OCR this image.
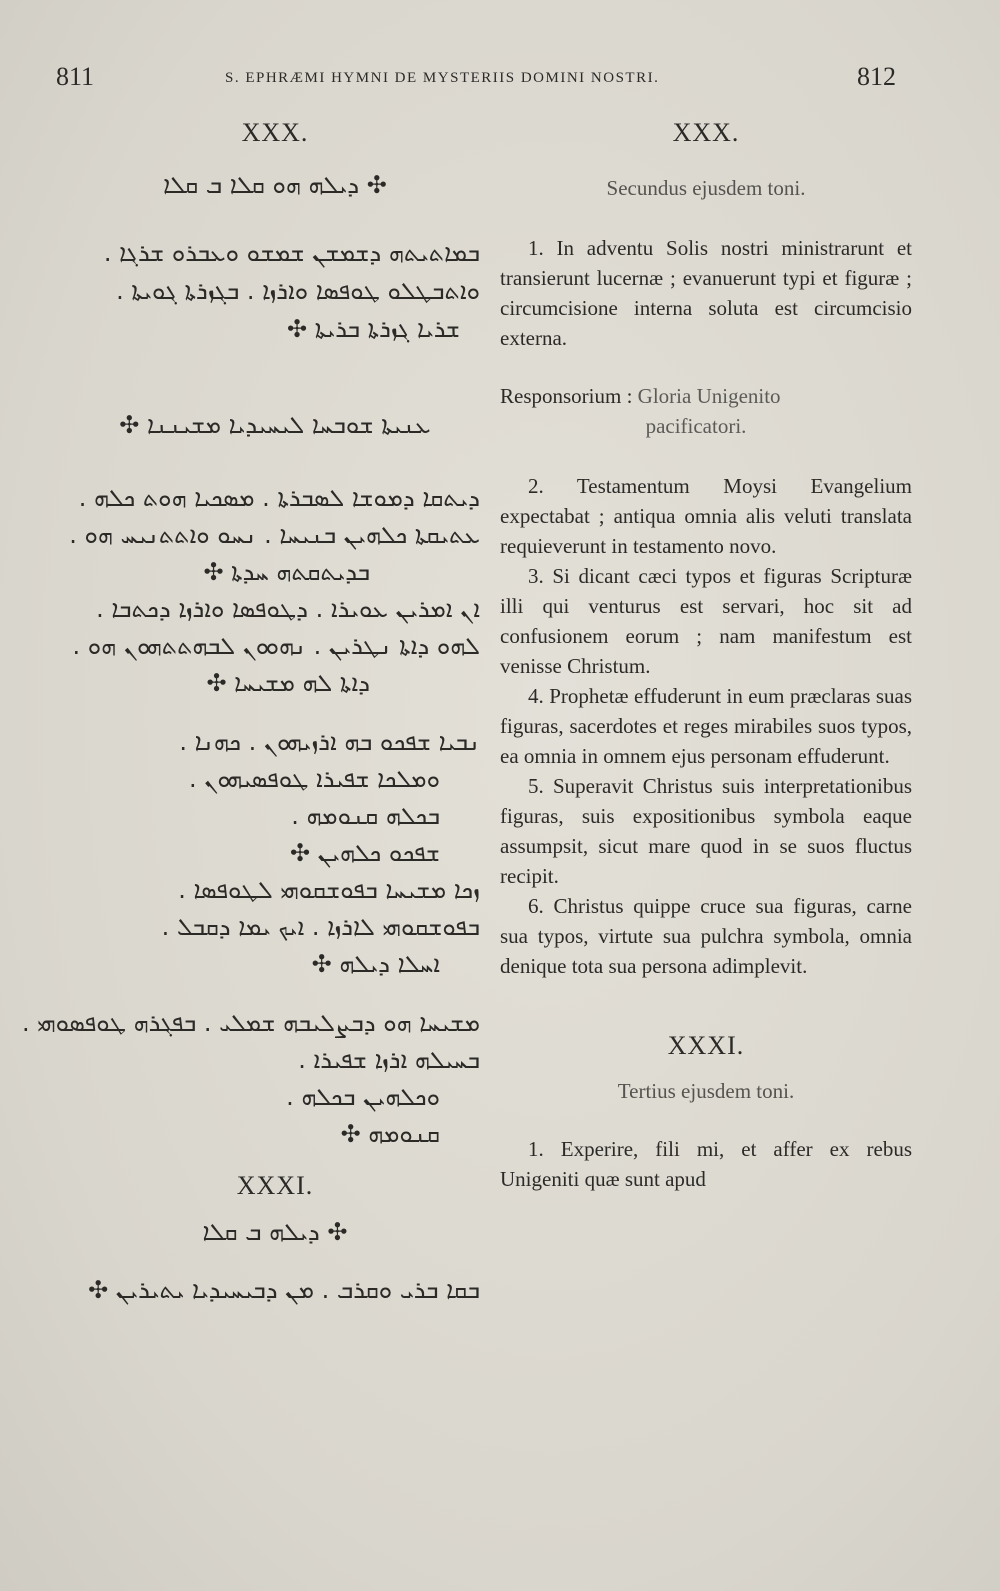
811	S. EPHRÆMI HYMNI DE MYSTERIIS DOMINI NOSTRI.	812
XXX.
✣ ܕܝܠܗ ܗܘ ܩܠܐ ܒ ܩܠܐ
ܒܡܐܬܝܬܗ ܕܫܡܫܢ ܫܡܫܘ ܘܥܒܪܘ ܫܪܓܐ .
ܘܐܬܒܛܠܘ ܛܘܦܣܐ ܘܐܪܙܐ . ܒܓܙܪܬܐ ܓܘܝܬܐ .
ܫܪܝܐ ܓܙܪܬܐ ܒܪܝܬܐ ✣
ܥܢܝܬܐ ܫܘܒܚܐ ܠܝܚܝܕܝܐ ܡܫܝܢܢܐ ✣
ܕܝܬܩܐ ܕܡܘܫܐ ܠܣܒܪܬܐ . ܡܣܟܝܐ ܗܘܬ ܟܠܗ .
ܥܬܝܩܬܐ ܟܠܗܝܢ ܒܢܝܚܐ . ܢܚܘ ܘܐܬܬܢܝܚ ܗܘ .
ܒܕܝܬܩܬܗ ܚܕܬܐ ✣
ܐܢ ܐܡܪܝܢ ܥܘܝܪܐ . ܕܛܘܦܣܐ ܘܐܪܙܐ ܕܟܬܒܐ .
ܠܗܘ ܕܐܬܐ ܢܛܪܝܢ . ܢܗܘܘܢ ܠܒܗܬܬܗܘܢ ܗܘ .
ܕܐܬܐ ܠܗ ܡܫܝܚܐ ✣
ܢܒܝܐ ܫܦܟܘ ܒܗ ܐܪܙܝܗܘܢ . ܟܗܢܐ .
ܘܡܠܟܐ ܫܦܝܪܐ ܛܘܦܣܝܗܘܢ .
ܒܟܠܗ ܩܢܘܡܗ .
ܫܦܟܘ ܟܠܗܝܢ ✣
ܙܟܐ ܡܫܝܚܐ ܒܦܘܫܩܘܗܝ ܠܛܘܦܣܐ .
ܒܦܘܫܩܘܗܝ ܠܐܪܙܐ . ܐܝܟ ܝܡܐ ܕܩܒܠ .
ܐܚܠܐ ܕܝܠܗ ✣
ܡܫܝܚܐ ܗܘ ܕܒܨܠܝܒܗ ܫܡܠܝ . ܒܦܓܪܗ ܛܘܦܣܘܗܝ .
ܒܚܝܠܗ ܐܪܙܐ ܫܦܝܪܐ .
ܘܟܠܗܝܢ ܒܟܠܗ .
ܩܢܘܡܗ ✣
XXXI.
✣ ܕܝܠܗ ܒ ܩܠܐ
ܒܩܐ ܒܪܝ ܘܩܪܒ . ܡܢ ܕܒܝܚܝܕܝܐ ܝܬܝܪܝܢ ✣
XXX.
Secundus ejusdem toni.

1. In adventu Solis nostri ministrarunt et transierunt lucernæ ; evanuerunt typi et figuræ ; circumcisione interna soluta est circumcisio externa.

Responsorium : Gloria Unigenito
pacificatori.

2. Testamentum Moysi Evangelium expectabat ; antiqua omnia alis veluti translata requieverunt in testamento novo.

3. Si dicant cæci typos et figuras Scripturæ illi qui venturus est servari, hoc sit ad confusionem eorum ; nam manifestum est venisse Christum.

4. Prophetæ effuderunt in eum præclaras suas figuras, sacerdotes et reges mirabiles suos typos, ea omnia in omnem ejus personam effuderunt.

5. Superavit Christus suis interpretationibus figuras, suis expositionibus symbola eaque assumpsit, sicut mare quod in se suos fluctus recipit.

6. Christus quippe cruce sua figuras, carne sua typos, virtute sua pulchra symbola, omnia denique tota sua persona adimplevit.

XXXI.
Tertius ejusdem toni.

1. Experire, fili mi, et affer ex rebus Unigeniti quæ sunt apud
